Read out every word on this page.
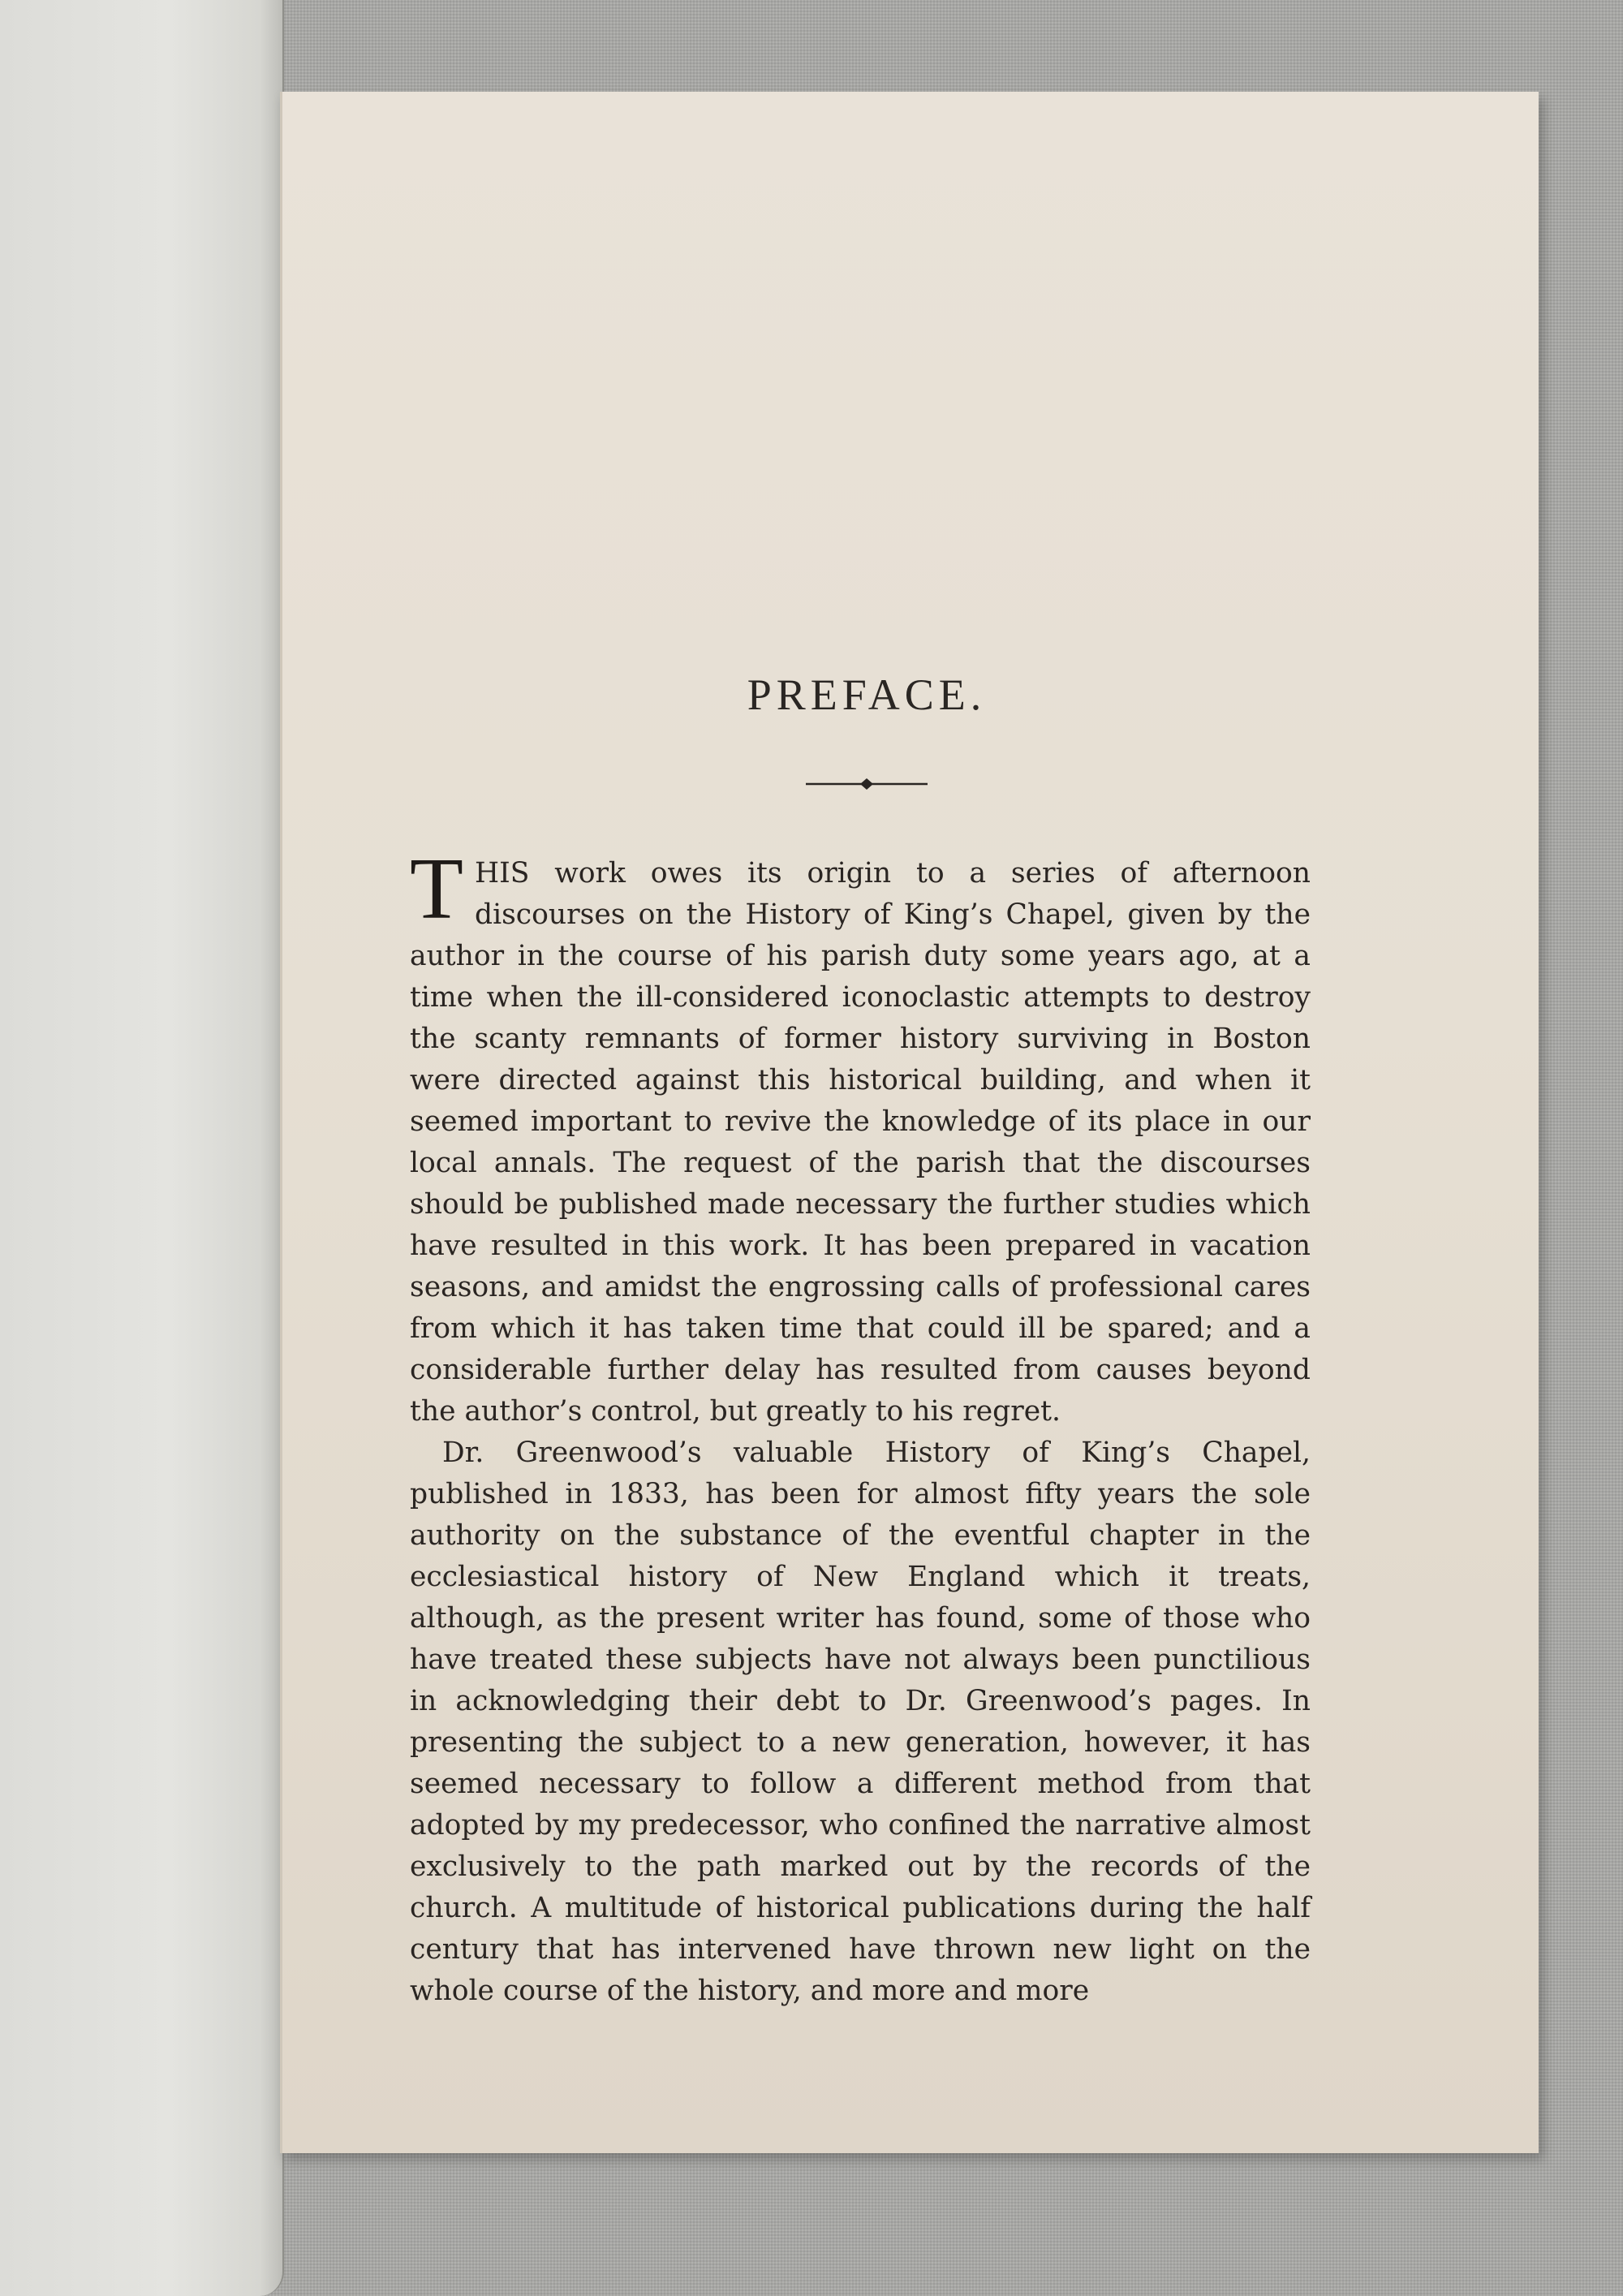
PREFACE.

THIS work owes its origin to a series of afternoon discourses on the History of King’s Chapel, given by the author in the course of his parish duty some years ago, at a time when the ill-considered iconoclastic attempts to destroy the scanty remnants of former history surviving in Boston were directed against this historical building, and when it seemed important to revive the knowledge of its place in our local annals. The request of the parish that the discourses should be published made necessary the further studies which have resulted in this work. It has been prepared in vacation seasons, and amidst the engrossing calls of professional cares from which it has taken time that could ill be spared; and a considerable further delay has resulted from causes beyond the author’s control, but greatly to his regret.

Dr. Greenwood’s valuable History of King’s Chapel, published in 1833, has been for almost fifty years the sole authority on the substance of the eventful chapter in the ecclesiastical history of New England which it treats, although, as the present writer has found, some of those who have treated these subjects have not always been punctilious in acknowledging their debt to Dr. Greenwood’s pages. In presenting the subject to a new generation, however, it has seemed necessary to follow a different method from that adopted by my predecessor, who confined the narrative almost exclusively to the path marked out by the records of the church. A multitude of historical publications during the half century that has intervened have thrown new light on the whole course of the history, and more and more
